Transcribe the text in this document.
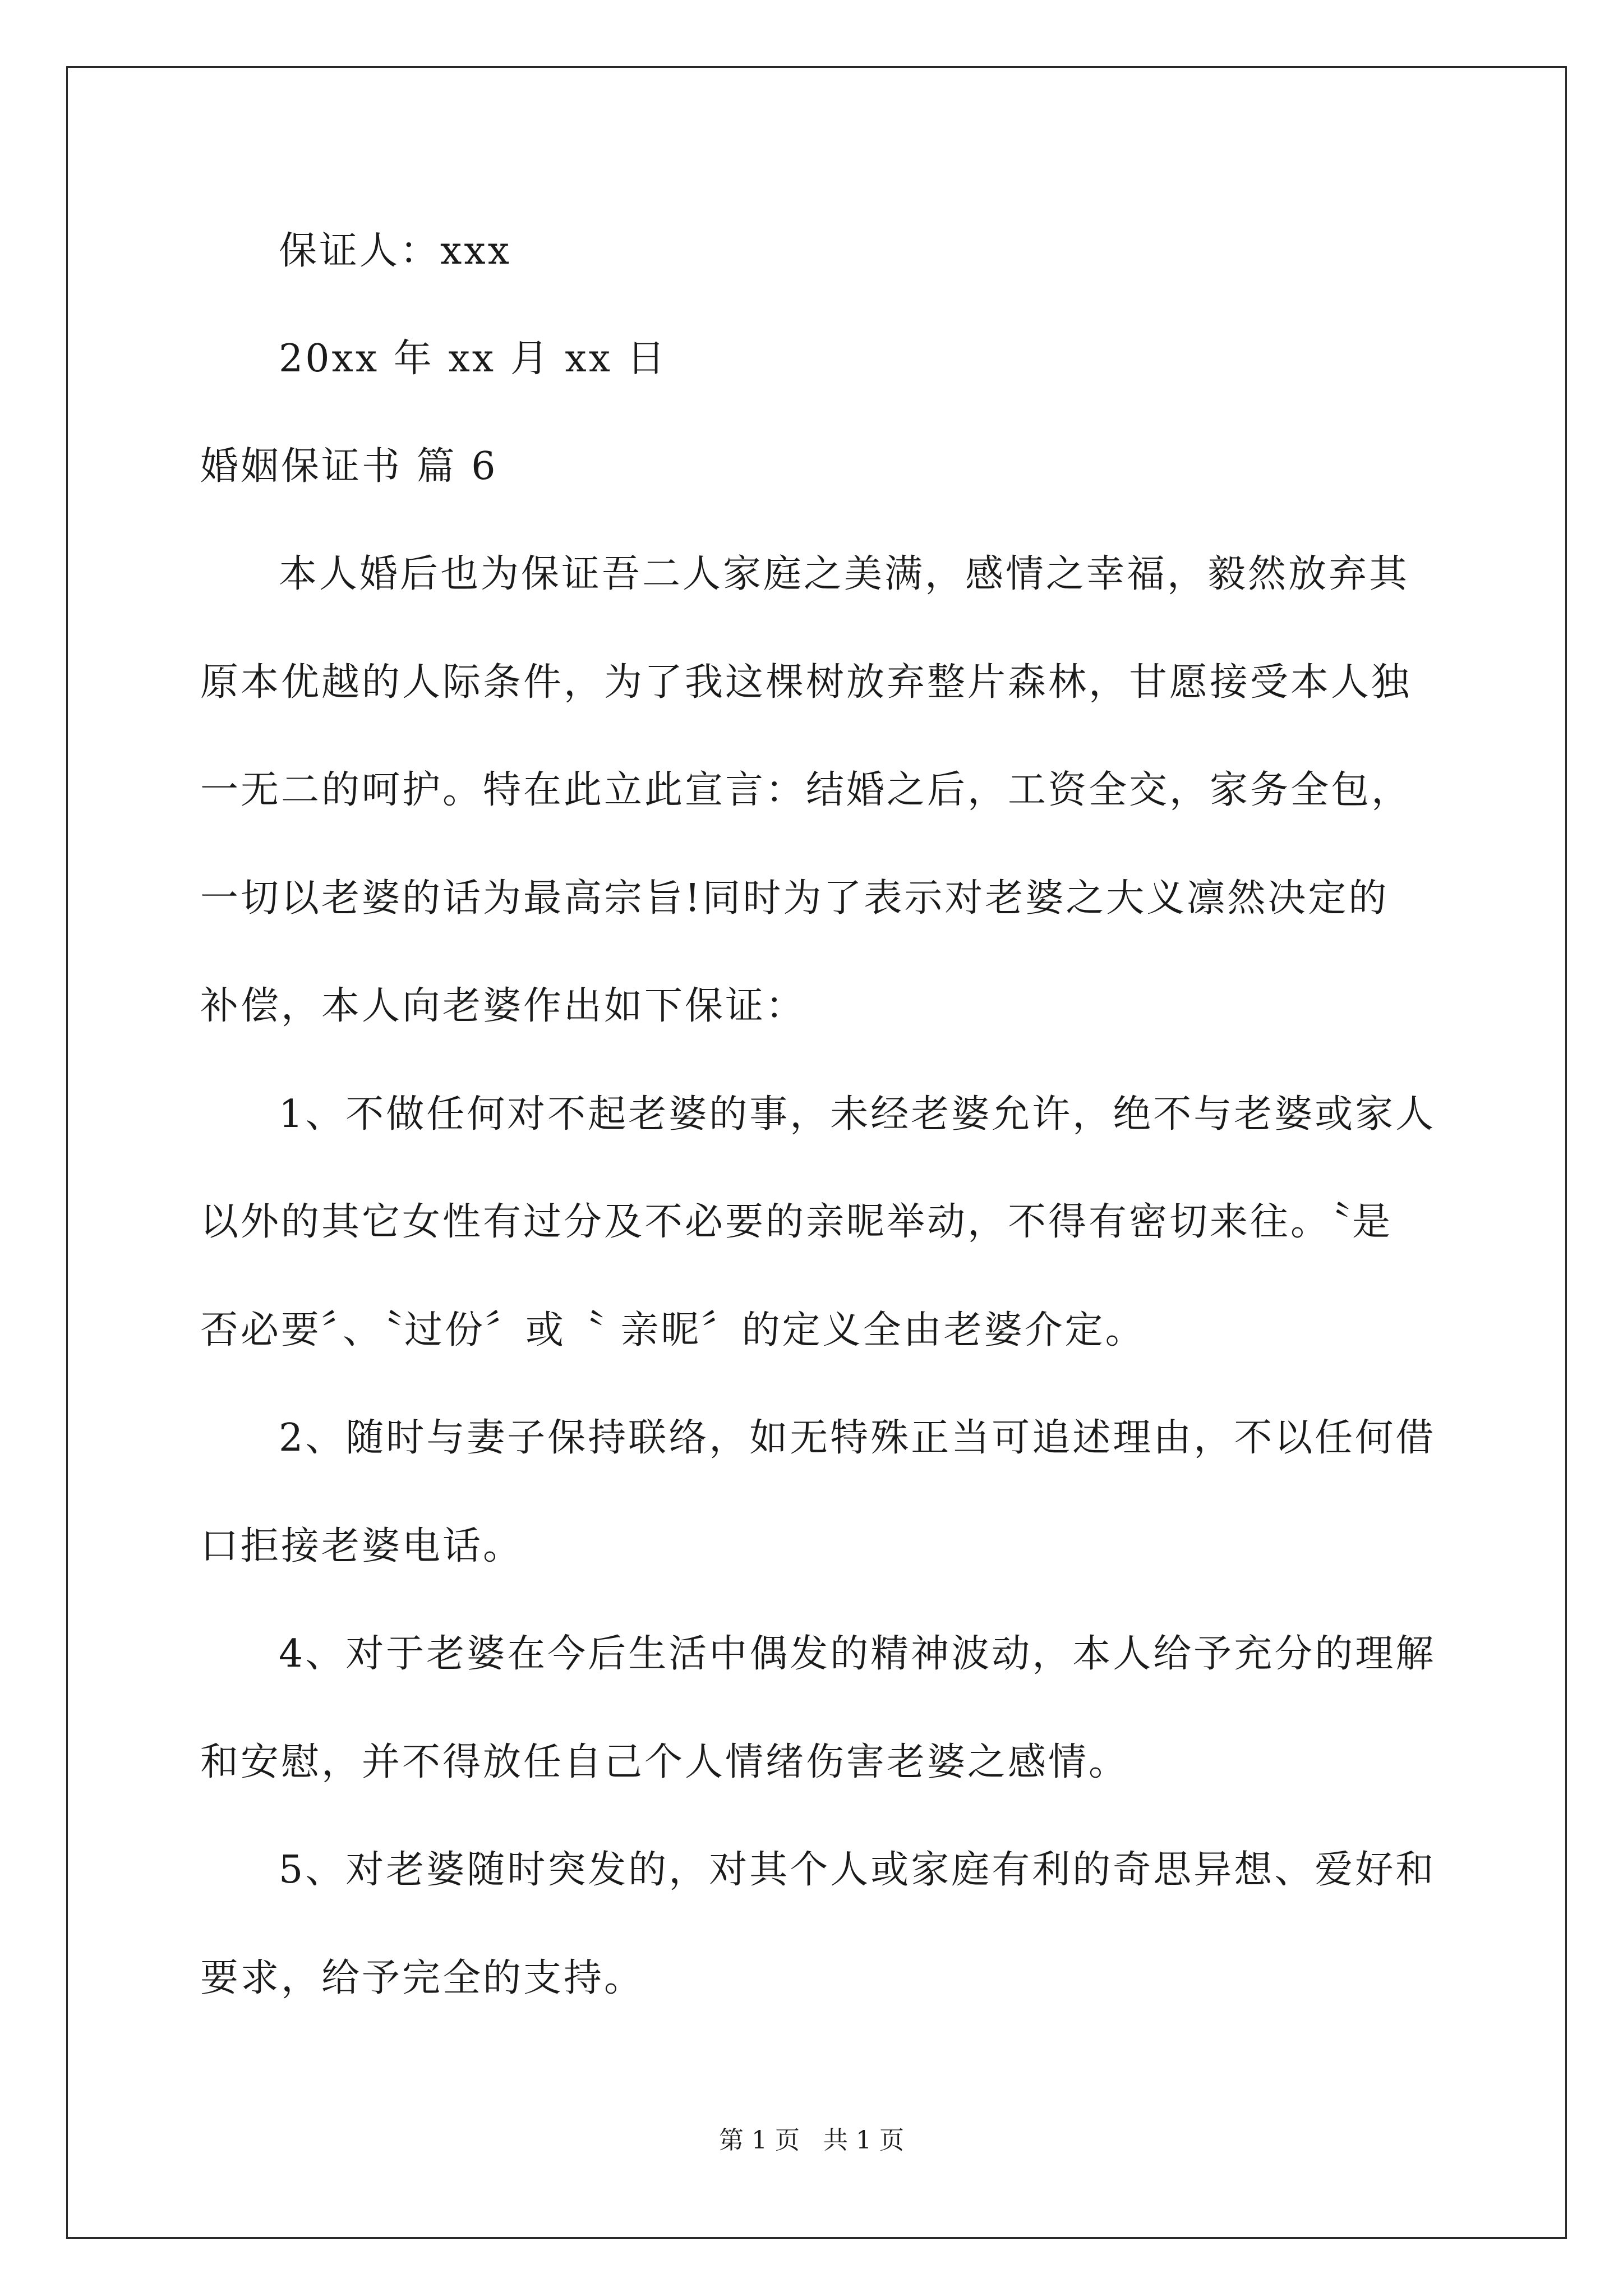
保证人：xxx
20xx 年 xx 月 xx 日
婚姻保证书 篇 6
本人婚后也为保证吾二人家庭之美满，感情之幸福，毅然放弃其
原本优越的人际条件，为了我这棵树放弃整片森林，甘愿接受本人独
一无二的呵护。特在此立此宣言：结婚之后，工资全交，家务全包，
一切以老婆的话为最高宗旨!同时为了表示对老婆之大义凛然决定的
补偿，本人向老婆作出如下保证：
1、不做任何对不起老婆的事，未经老婆允许，绝不与老婆或家人
以外的其它女性有过分及不必要的亲昵举动，不得有密切来往。〝是
否必要〞、〝过份〞或〝 亲昵〞的定义全由老婆介定。
2、随时与妻子保持联络，如无特殊正当可追述理由，不以任何借
口拒接老婆电话。
4、对于老婆在今后生活中偶发的精神波动，本人给予充分的理解
和安慰，并不得放任自己个人情绪伤害老婆之感情。
5、对老婆随时突发的，对其个人或家庭有利的奇思异想、爱好和
要求，给予完全的支持。
第 1 页   共 1 页
